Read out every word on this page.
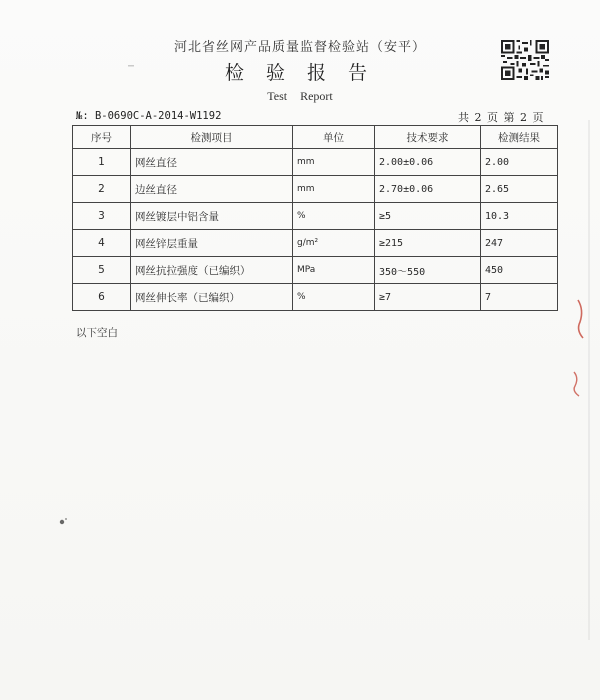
河北省丝网产品质量监督检验站（安平）
检 验 报 告
Test Report
№: B-0690C-A-2014-W1192	共 2 页 第 2 页
序号	检测项目	单位	技术要求	检测结果
1	网丝直径	mm	2.00±0.06	2.00
2	边丝直径	mm	2.70±0.06	2.65
3	网丝镀层中铝含量	%	≥5	10.3
4	网丝锌层重量	g/m²	≥215	247
5	网丝抗拉强度（已编织）	MPa	350～550	450
6	网丝伸长率（已编织）	%	≥7	7
以下空白
